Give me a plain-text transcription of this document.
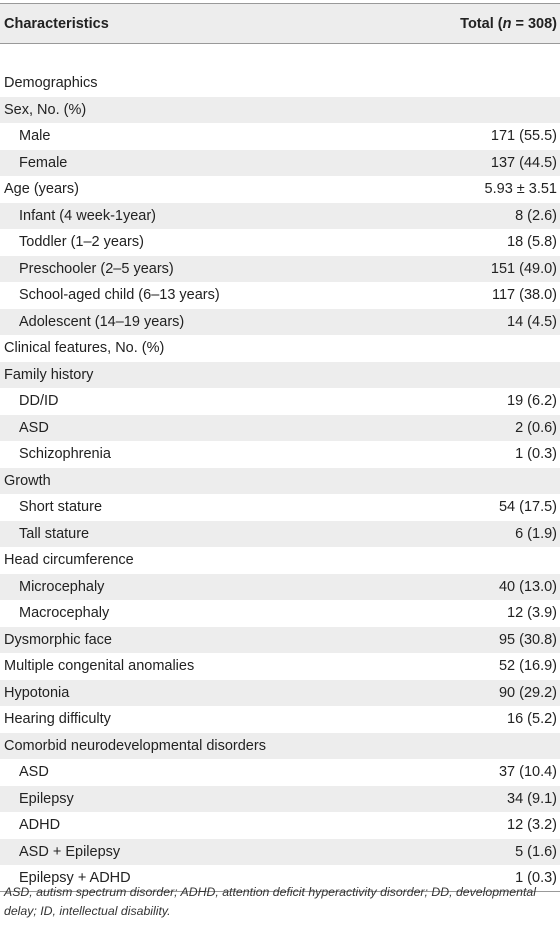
Characteristics	Total (n = 308)

Demographics	
Sex, No. (%)	
Male	171 (55.5)
Female	137 (44.5)
Age (years)	5.93 ± 3.51
Infant (4 week-1year)	8 (2.6)
Toddler (1–2 years)	18 (5.8)
Preschooler (2–5 years)	151 (49.0)
School-aged child (6–13 years)	117 (38.0)
Adolescent (14–19 years)	14 (4.5)
Clinical features, No. (%)	
Family history	
DD/ID	19 (6.2)
ASD	2 (0.6)
Schizophrenia	1 (0.3)
Growth	
Short stature	54 (17.5)
Tall stature	6 (1.9)
Head circumference	
Microcephaly	40 (13.0)
Macrocephaly	12 (3.9)
Dysmorphic face	95 (30.8)
Multiple congenital anomalies	52 (16.9)
Hypotonia	90 (29.2)
Hearing difficulty	16 (5.2)
Comorbid neurodevelopmental disorders	
ASD	37 (10.4)
Epilepsy	34 (9.1)
ADHD	12 (3.2)
ASD + Epilepsy	5 (1.6)
Epilepsy + ADHD	1 (0.3)
ASD, autism spectrum disorder; ADHD, attention deficit hyperactivity disorder; DD, developmental delay; ID, intellectual disability.
